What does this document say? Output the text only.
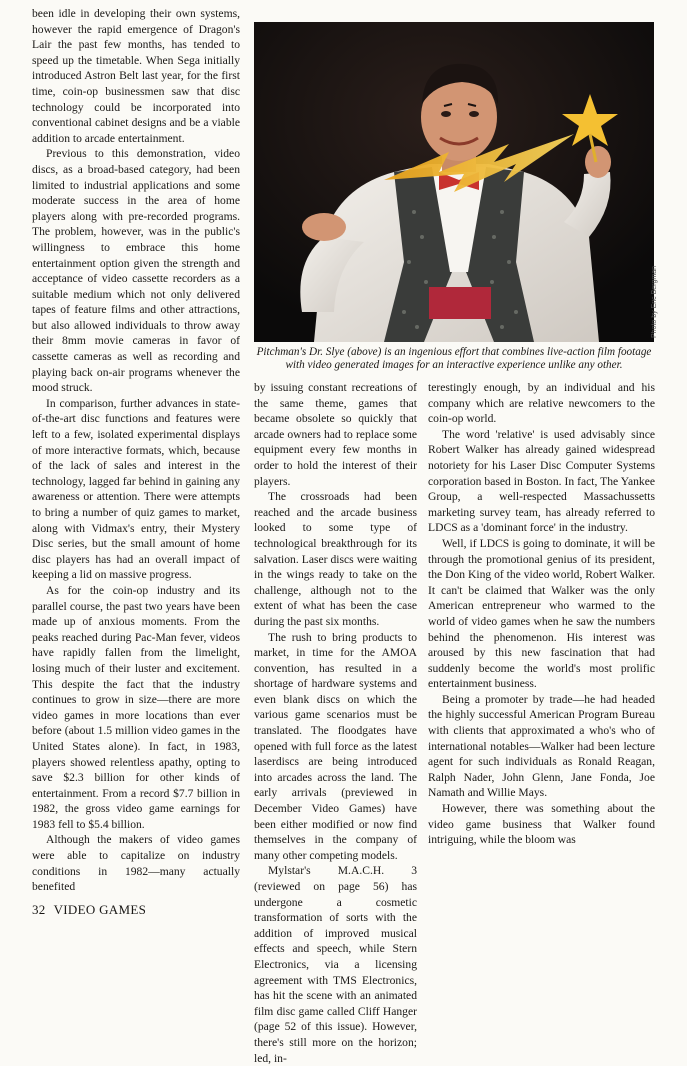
been idle in developing their own systems, however the rapid emergence of Dragon's Lair the past few months, has tended to speed up the timetable. When Sega initially introduced Astron Belt last year, for the first time, coin-op businessmen saw that disc technology could be incorporated into conventional cabinet designs and be a viable addition to arcade entertainment.

Previous to this demonstration, video discs, as a broad-based category, had been limited to industrial applications and some moderate success in the area of home players along with pre-recorded programs. The problem, however, was in the public's willingness to embrace this home entertainment option given the strength and acceptance of video cassette recorders as a suitable medium which not only delivered tapes of feature films and other attractions, but also allowed individuals to throw away their 8mm movie cameras in favor of cassette cameras as well as recording and playing back on-air programs whenever the mood struck.

In comparison, further advances in state-of-the-art disc functions and features were left to a few, isolated experimental displays of more interactive formats, which, because of the lack of sales and interest in the technology, lagged far behind in gaining any awareness or attention. There were attempts to bring a number of quiz games to market, along with Vidmax's entry, their Mystery Disc series, but the small amount of home disc players has had an overall impact of keeping a lid on massive progress.

As for the coin-op industry and its parallel course, the past two years have been made up of anxious moments. From the peaks reached during Pac-Man fever, videos have rapidly fallen from the limelight, losing much of their luster and excitement. This despite the fact that the industry continues to grow in size—there are more video games in more locations than ever before (about 1.5 million video games in the United States alone). In fact, in 1983, players showed relentless apathy, opting to save $2.3 billion for other kinds of entertainment. From a record $7.7 billion in 1982, the gross video game earnings for 1983 fell to $5.4 billion.

Although the makers of video games were able to capitalize on industry conditions in 1982—many actually benefited

Photo by Eric Bergman
Pitchman's Dr. Slye (above) is an ingenious effort that combines live-action film footage with video generated images for an interactive experience unlike any other.

by issuing constant recreations of the same theme, games that became obsolete so quickly that arcade owners had to replace some equipment every few months in order to hold the interest of their players.

The crossroads had been reached and the arcade business looked to some type of technological breakthrough for its salvation. Laser discs were waiting in the wings ready to take on the challenge, although not to the extent of what has been the case during the past six months.

The rush to bring products to market, in time for the AMOA convention, has resulted in a shortage of hardware systems and even blank discs on which the various game scenarios must be translated. The floodgates have opened with full force as the latest laserdiscs are being introduced into arcades across the land. The early arrivals (previewed in December Video Games) have been either modified or now find themselves in the company of many other competing models.

Mylstar's M.A.C.H. 3 (reviewed on page 56) has undergone a cosmetic transformation of sorts with the addition of improved musical effects and speech, while Stern Electronics, via a licensing agreement with TMS Electronics, has hit the scene with an animated film disc game called Cliff Hanger (page 52 of this issue). However, there's still more on the horizon; led, in-

terestingly enough, by an individual and his company which are relative newcomers to the coin-op world.

The word 'relative' is used advisably since Robert Walker has already gained widespread notoriety for his Laser Disc Computer Systems corporation based in Boston. In fact, The Yankee Group, a well-respected Massachussetts marketing survey team, has already referred to LDCS as a 'dominant force' in the industry.

Well, if LDCS is going to dominate, it will be through the promotional genius of its president, the Don King of the video world, Robert Walker. It can't be claimed that Walker was the only American entrepreneur who warmed to the world of video games when he saw the numbers behind the phenomenon. His interest was aroused by this new fascination that had suddenly become the world's most prolific entertainment business.

Being a promoter by trade—he had headed the highly successful American Program Bureau with clients that approximated a who's who of international notables—Walker had been lecture agent for such individuals as Ronald Reagan, Ralph Nader, John Glenn, Jane Fonda, Joe Namath and Willie Mays.

However, there was something about the video game business that Walker found intriguing, while the bloom was

32 VIDEO GAMES
